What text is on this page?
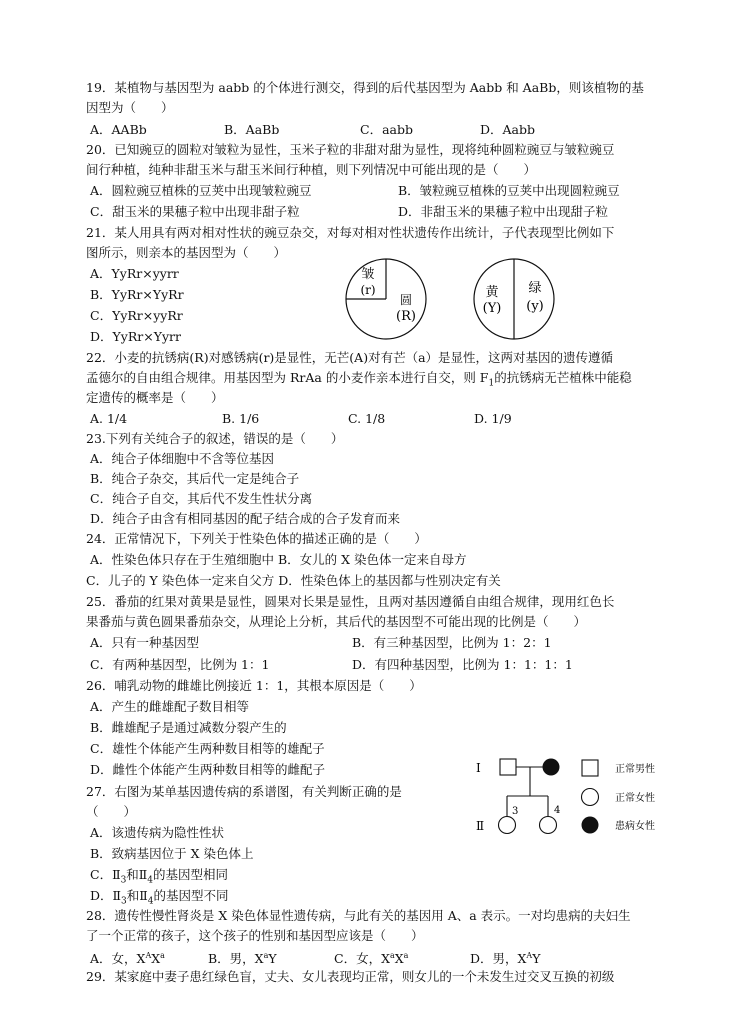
19．某植物与基因型为 aabb 的个体进行测交，得到的后代基因型为 Aabb 和 AaBb，则该植物的基
因型为（　　）
A．AABb	B．AaBb	C．aabb	D．Aabb
20．已知豌豆的圆粒对皱粒为显性，玉米子粒的非甜对甜为显性，现将纯种圆粒豌豆与皱粒豌豆
间行种植，纯种非甜玉米与甜玉米间行种植，则下列情况中可能出现的是（　　）
A．圆粒豌豆植株的豆荚中出现皱粒豌豆	B．皱粒豌豆植株的豆荚中出现圆粒豌豆
C．甜玉米的果穗子粒中出现非甜子粒	D．非甜玉米的果穗子粒中出现甜子粒
21．某人用具有两对相对性状的豌豆杂交，对每对相对性状遗传作出统计，子代表现型比例如下
图所示，则亲本的基因型为（　　）
A．YyRr×yyrr
B．YyRr×YyRr
C．YyRr×yyRr
D．YyRr×Yyrr
皱
(r)
圆
(R)
黄
(Y)
绿
(y)
22．小麦的抗锈病(R)对感锈病(r)是显性，无芒(A)对有芒（a）是显性，这两对基因的遗传遵循
孟德尔的自由组合规律。用基因型为 RrAa 的小麦作亲本进行自交，则 $F_1$的抗锈病无芒植株中能稳
定遗传的概率是（　　）
A. 1/4	B. 1/6	C. 1/8	D. 1/9
23.下列有关纯合子的叙述，错误的是（　　）
A．纯合子体细胞中不含等位基因
B．纯合子杂交，其后代一定是纯合子
C．纯合子自交，其后代不发生性状分离
D．纯合子由含有相同基因的配子结合成的合子发育而来
24．正常情况下，下列关于性染色体的描述正确的是（　　）
A．性染色体只存在于生殖细胞中 B．女儿的 X 染色体一定来自母方
C．儿子的 Y 染色体一定来自父方 D．性染色体上的基因都与性别决定有关
25．番茄的红果对黄果是显性，圆果对长果是显性，且两对基因遵循自由组合规律，现用红色长
果番茄与黄色圆果番茄杂交，从理论上分析，其后代的基因型不可能出现的比例是（　　）
A．只有一种基因型	B．有三种基因型，比例为 1：2：1
C．有两种基因型，比例为 1：1	D．有四种基因型，比例为 1：1：1：1
26．哺乳动物的雌雄比例接近 1：1，其根本原因是（　　）
A．产生的雌雄配子数目相等
B．雌雄配子是通过减数分裂产生的
C．雄性个体能产生两种数目相等的雄配子
D．雌性个体能产生两种数目相等的雌配子
27．右图为某单基因遗传病的系谱图，有关判断正确的是
（　　）
A．该遗传病为隐性性状
B．致病基因位于 X 染色体上
C．$Ⅱ_3$和$Ⅱ_4$的基因型相同
D．$Ⅱ_3$和$Ⅱ_4$的基因型不同
Ⅰ
Ⅱ
3	4
正常男性
正常女性
患病女性
28．遗传性慢性肾炎是 X 染色体显性遗传病，与此有关的基因用 A、a 表示。一对均患病的夫妇生
了一个正常的孩子，这个孩子的性别和基因型应该是（　　）
A．女，$X^AX^a$	B．男，$X^aY$	C．女，$X^aX^a$	D．男，$X^AY$
29．某家庭中妻子患红绿色盲，丈夫、女儿表现均正常，则女儿的一个未发生过交叉互换的初级
